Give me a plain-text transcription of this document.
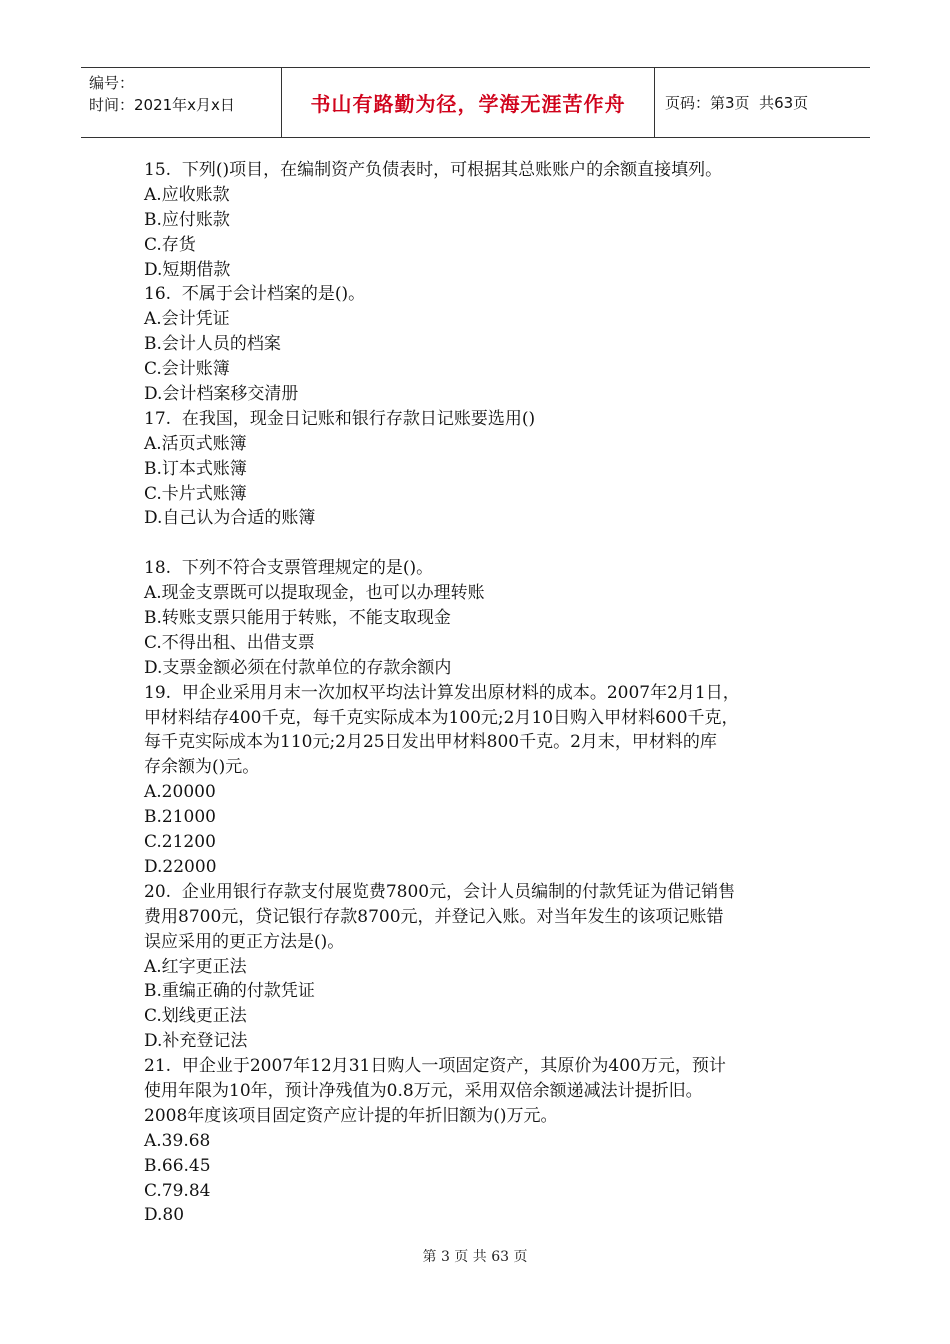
编号：
时间：2021年x月x日	书山有路勤为径，学海无涯苦作舟	页码：第3页  共63页
15.  下列()项目，在编制资产负债表时，可根据其总账账户的余额直接填列。
A.应收账款
B.应付账款
C.存货
D.短期借款
16.  不属于会计档案的是()。
A.会计凭证
B.会计人员的档案
C.会计账簿
D.会计档案移交清册
17.  在我国，现金日记账和银行存款日记账要选用()
A.活页式账簿
B.订本式账簿
C.卡片式账簿
D.自己认为合适的账簿
18.  下列不符合支票管理规定的是()。
A.现金支票既可以提取现金，也可以办理转账
B.转账支票只能用于转账，不能支取现金
C.不得出租、出借支票
D.支票金额必须在付款单位的存款余额内
19.  甲企业采用月末一次加权平均法计算发出原材料的成本。2007年2月1日，
甲材料结存400千克，每千克实际成本为100元;2月10日购入甲材料600千克，
每千克实际成本为110元;2月25日发出甲材料800千克。2月末，甲材料的库
存余额为()元。
A.20000
B.21000
C.21200
D.22000
20.  企业用银行存款支付展览费7800元，会计人员编制的付款凭证为借记销售
费用8700元，贷记银行存款8700元，并登记入账。对当年发生的该项记账错
误应采用的更正方法是()。
A.红字更正法
B.重编正确的付款凭证
C.划线更正法
D.补充登记法
21.  甲企业于2007年12月31日购人一项固定资产，其原价为400万元，预计
使用年限为10年，预计净残值为0.8万元，采用双倍余额递减法计提折旧。
2008年度该项目固定资产应计提的年折旧额为()万元。
A.39.68
B.66.45
C.79.84
D.80
第 3 页 共 63 页
